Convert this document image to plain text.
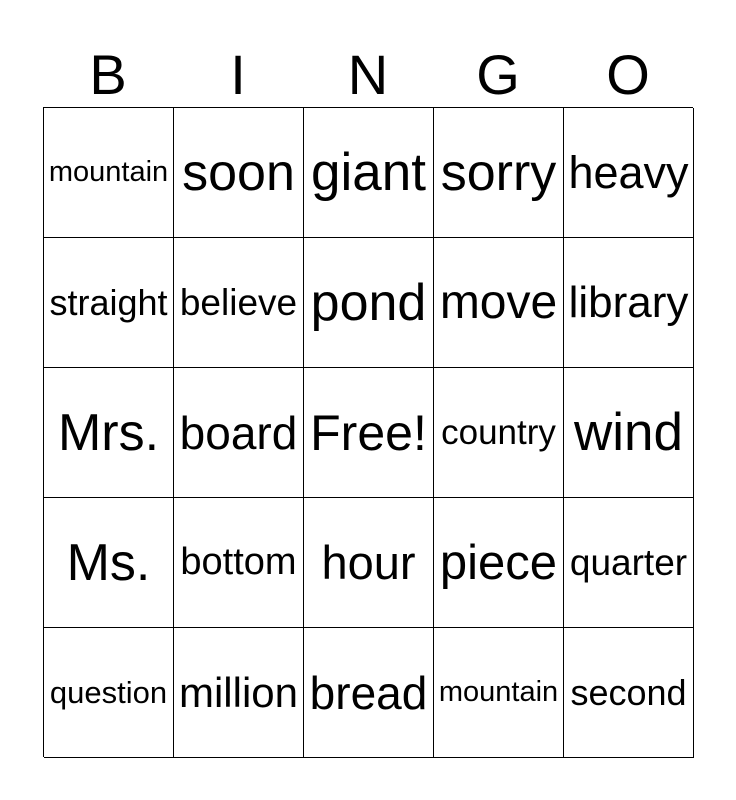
B	I	N	G	O
mountain soon giant sorry heavy
straight believe pond move library
Mrs. board Free! country wind
Ms. bottom hour piece quarter
question million bread mountain second
